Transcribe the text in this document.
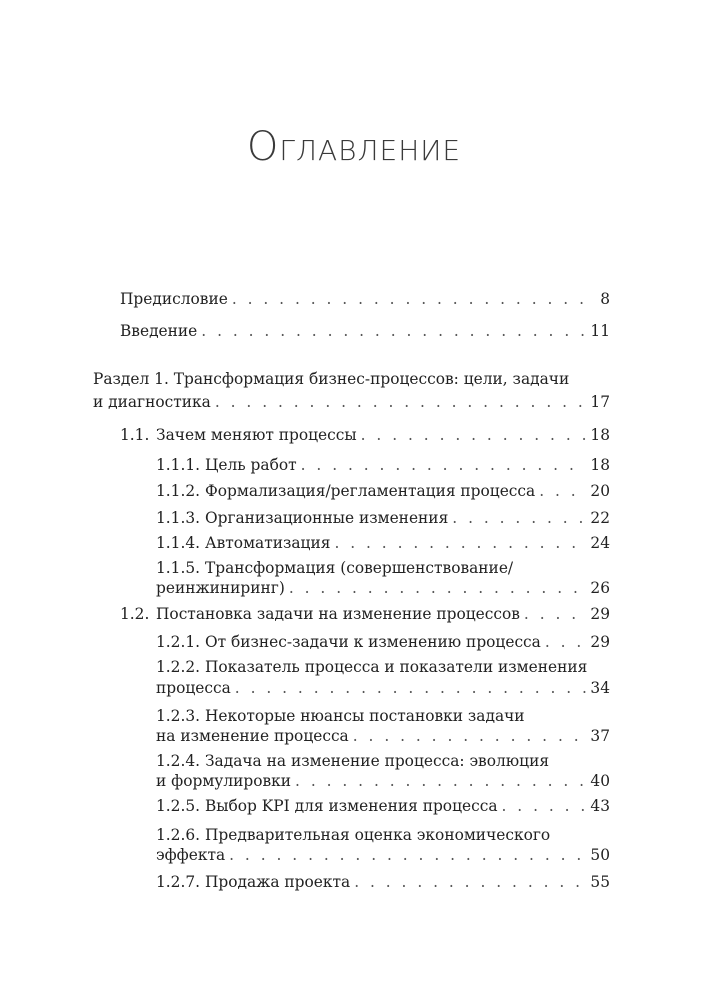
Оглавление
Предисловие . . .	8
Введение . . .	11
Раздел 1. Трансформация бизнес-процессов: цели, задачи
и диагностика . . .	17
1.1. Зачем меняют процессы . . .	18
1.1.1.
Цель работ . . .	18
1.1.2.
Формализация/регламентация процесса . . .	20
1.1.3.
Организационные изменения . . .	22
1.1.4.
Автоматизация . . .	24
1.1.5. Трансформация (совершенствование/
реинжиниринг) . . .	26
1.2. Постановка задачи на изменение процессов . . .	29
1.2.1.
От бизнес-задачи к изменению процесса . . .	29
1.2.2. Показатель процесса и показатели изменения
процесса . . .	34
1.2.3. Некоторые нюансы постановки задачи
на изменение процесса . . .	37
1.2.4. Задача на изменение процесса: эволюция
и формулировки . . .	40
1.2.5.
Выбор KPI для изменения процесса . . .	43
1.2.6. Предварительная оценка экономического
эффекта . . .	50
1.2.7.
Продажа проекта . . .	55
